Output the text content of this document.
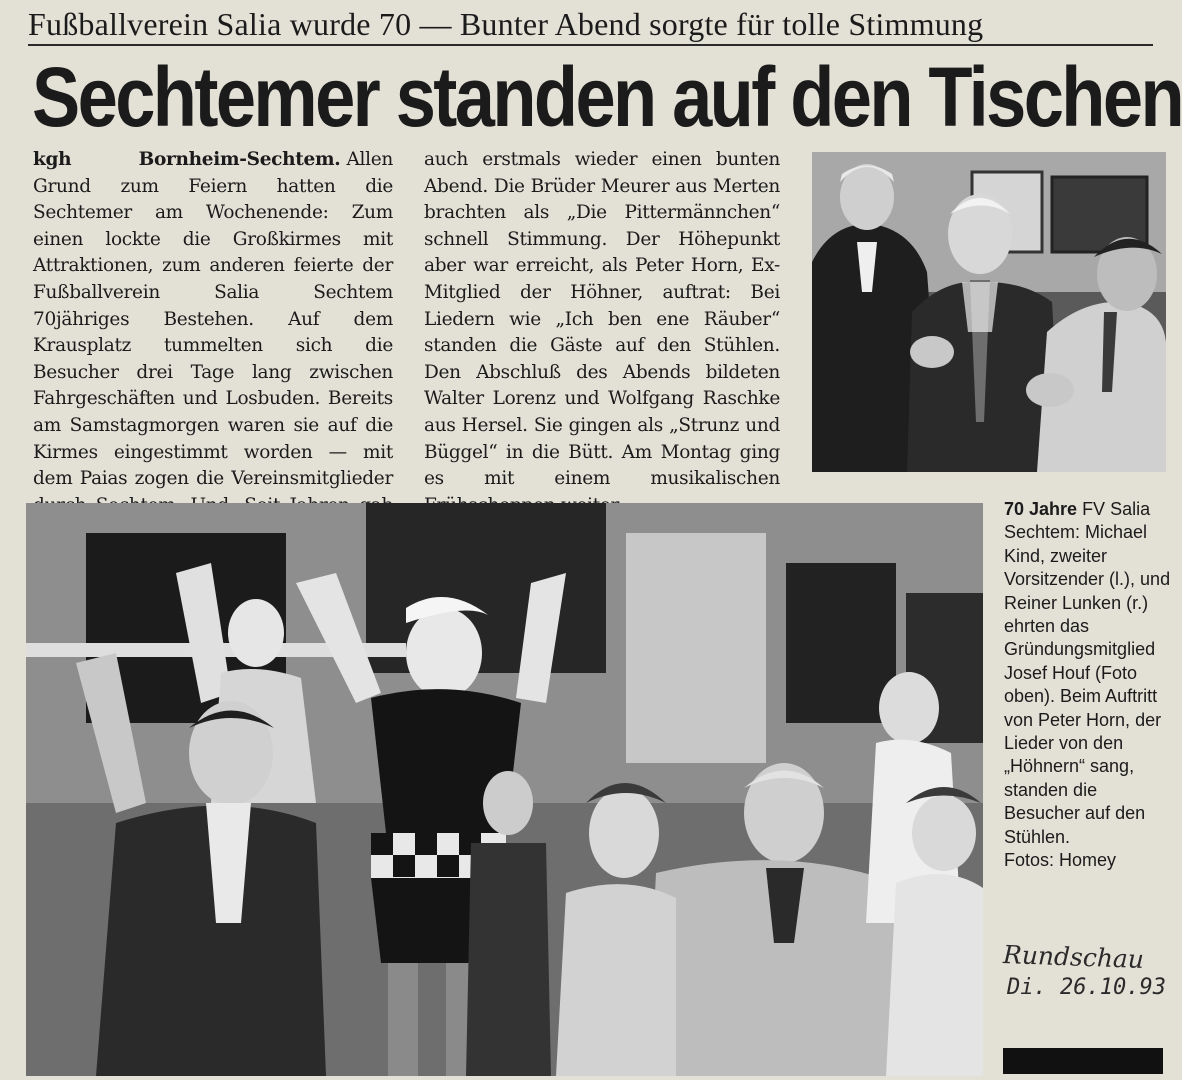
Fußballverein Salia wurde 70 — Bunter Abend sorgte für tolle Stimmung
Sechtemer standen auf den Tischen
kgh Bornheim-Sechtem. Allen Grund zum Feiern hatten die Sechtemer am Wochenende: Zum einen lockte die Großkirmes mit Attraktionen, zum anderen feierte der Fußballverein Salia Sechtem 70jähriges Bestehen. Auf dem Krausplatz tummelten sich die Besucher drei Tage lang zwischen Fahrgeschäften und Losbuden. Bereits am Samstagmorgen waren sie auf die Kirmes eingestimmt worden — mit dem Paias zogen die Vereinsmitglieder
auch erstmals wieder einen bunten Abend. Die Brüder Meurer aus Merten brachten als „Die Pittermännchen“ schnell Stimmung. Der Höhepunkt aber war erreicht, als Peter Horn, Ex-Mitglied der Höhner, auftrat: Bei Liedern wie „Ich ben ene Räuber“ standen die Gäste auf den Stühlen. Den Abschluß des Abends bildeten Walter Lorenz und Wolfgang Raschke aus Hersel. Sie gingen als „Strunz und Büggel“ in die Bütt. Am Montag ging es mit einem musikalischen
70 Jahre FV Salia Sechtem: Michael Kind, zweiter Vorsitzender (l.), und Reiner Lunken (r.) ehrten das Gründungsmitglied Josef Houf (Foto oben). Beim Auftritt von Peter Horn, der Lieder von den „Höhnern“ sang, standen die Besucher auf den Stühlen.
Fotos: Homey
Rundschau
Di. 26.10.93
